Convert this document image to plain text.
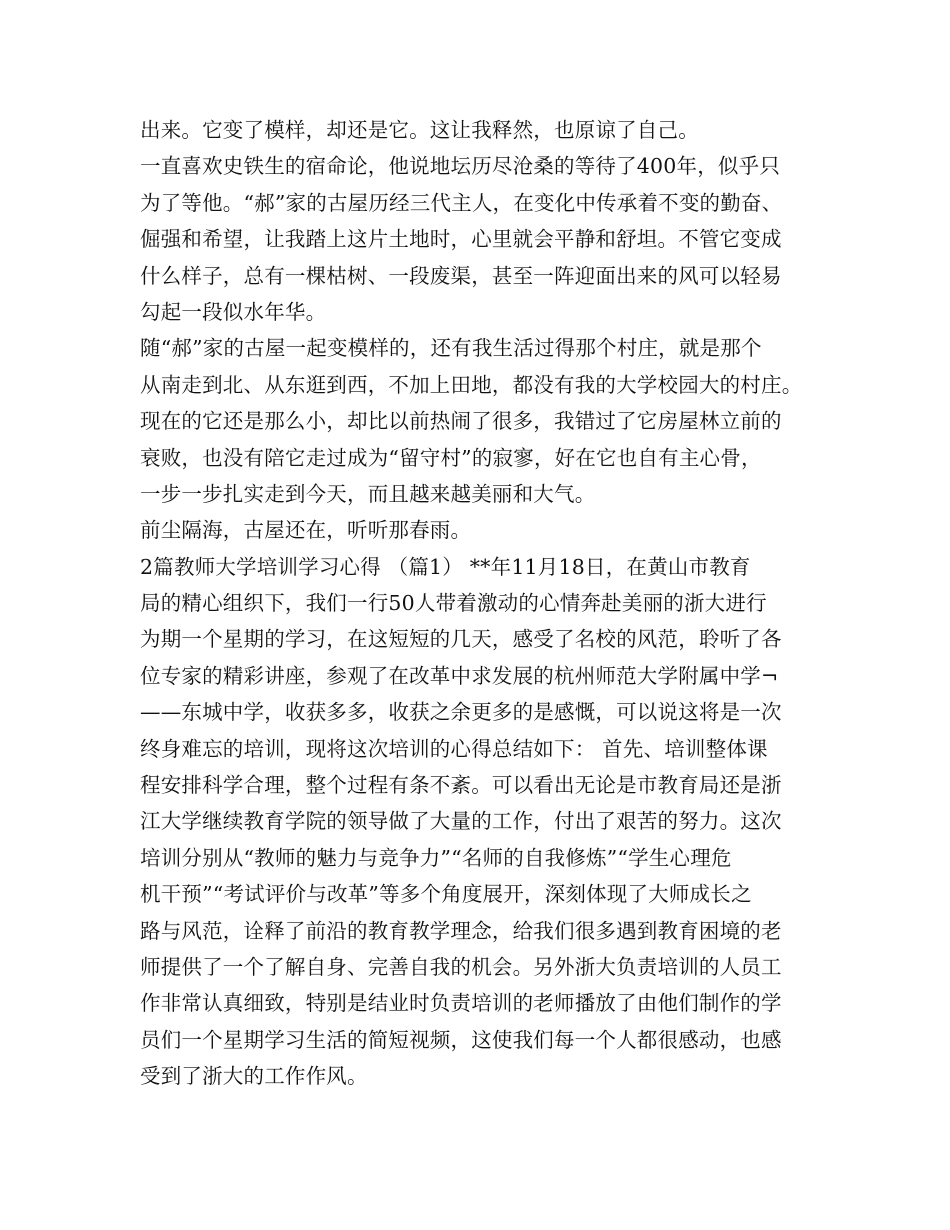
出来。它变了模样，却还是它。这让我释然，也原谅了自己。
一直喜欢史铁生的宿命论，他说地坛历尽沧桑的等待了400年，似乎只
为了等他。“郝”家的古屋历经三代主人，在变化中传承着不变的勤奋、
倔强和希望，让我踏上这片土地时，心里就会平静和舒坦。不管它变成
什么样子，总有一棵枯树、一段废渠，甚至一阵迎面出来的风可以轻易
勾起一段似水年华。
随“郝”家的古屋一起变模样的，还有我生活过得那个村庄，就是那个
从南走到北、从东逛到西，不加上田地，都没有我的大学校园大的村庄。
现在的它还是那么小，却比以前热闹了很多，我错过了它房屋林立前的
衰败，也没有陪它走过成为“留守村”的寂寥，好在它也自有主心骨，
一步一步扎实走到今天，而且越来越美丽和大气。
前尘隔海，古屋还在，听听那春雨。
2篇教师大学培训学习心得 （篇1） **年11月18日，在黄山市教育
局的精心组织下，我们一行50人带着激动的心情奔赴美丽的浙大进行
为期一个星期的学习，在这短短的几天，感受了名校的风范，聆听了各
位专家的精彩讲座，参观了在改革中求发展的杭州师范大学附属中学¬
——东城中学，收获多多，收获之余更多的是感慨，可以说这将是一次
终身难忘的培训，现将这次培训的心得总结如下： 首先、培训整体课
程安排科学合理，整个过程有条不紊。可以看出无论是市教育局还是浙
江大学继续教育学院的领导做了大量的工作，付出了艰苦的努力。这次
培训分别从“教师的魅力与竞争力”“名师的自我修炼”“学生心理危
机干预”“考试评价与改革”等多个角度展开，深刻体现了大师成长之
路与风范，诠释了前沿的教育教学理念，给我们很多遇到教育困境的老
师提供了一个了解自身、完善自我的机会。另外浙大负责培训的人员工
作非常认真细致，特别是结业时负责培训的老师播放了由他们制作的学
员们一个星期学习生活的简短视频，这使我们每一个人都很感动，也感
受到了浙大的工作作风。
